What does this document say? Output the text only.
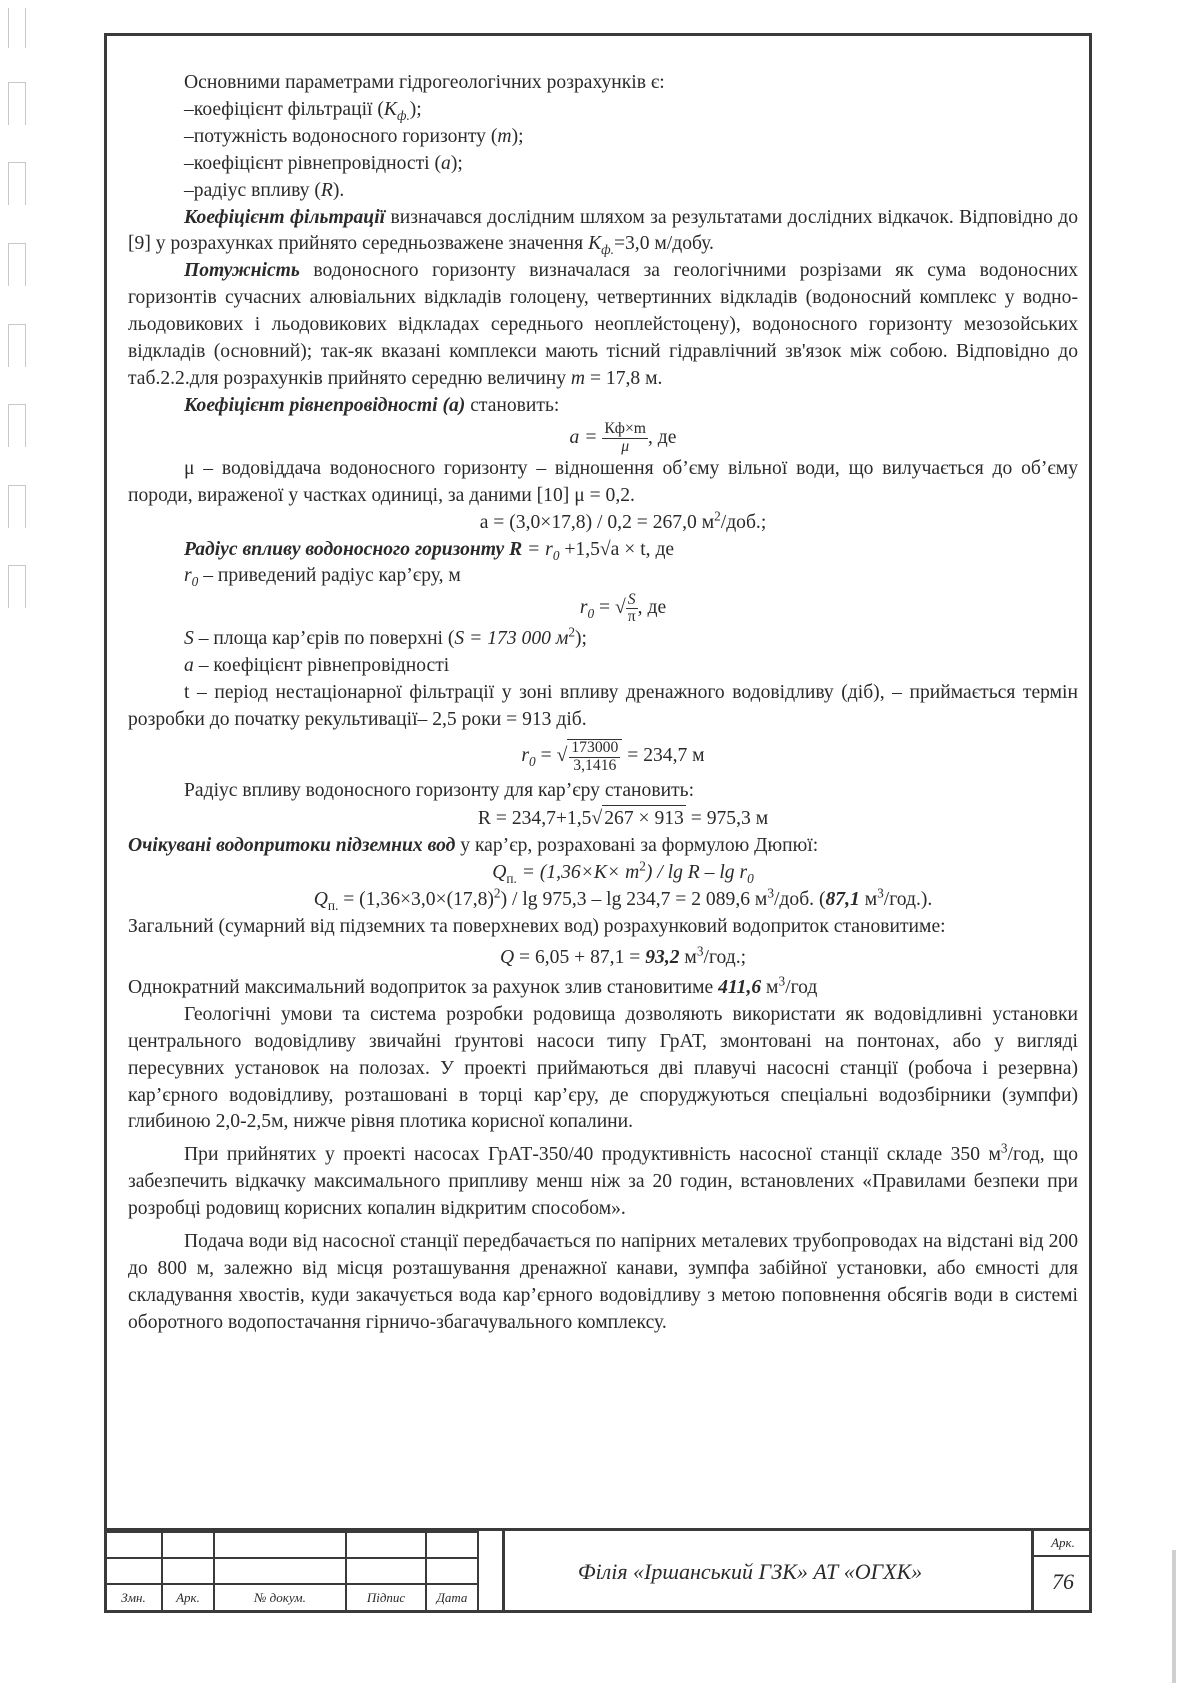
Основними параметрами гідрогеологічних розрахунків є:

–коефіцієнт фільтрації $(K_{ф.})$;

–потужність водоносного горизонту (m);

–коефіцієнт рівнепровідності (a);

–радіус впливу (R).

Коефіцієнт фільтрації визначався дослідним шляхом за результатами дослідних відкачок. Відповідно до [9] у розрахунках прийнято середньозважене значення $K_{ф.}=3,0$ м/добу.

Потужність водоносного горизонту визначалася за геологічними розрізами як сума водоносних горизонтів сучасних алювіальних відкладів голоцену, четвертинних відкладів (водоносний комплекс у водно-льодовикових і льодовикових відкладах середнього неоплейстоцену), водоносного горизонту мезозойських відкладів (основний); так-як вказані комплекси мають тісний гідравлічний зв'язок між собою. Відповідно до таб.2.2.для розрахунків прийнято середню величину m = 17,8 м.

Коефіцієнт рівнепровідності (а) становить:

$a = \frac{Кф\times m}{\mu}$ , де

μ – водовіддача водоносного горизонту – відношення об’єму вільної води, що вилучається до об’єму породи, вираженої у частках одиниці, за даними [10] μ = 0,2.

a = (3,0×17,8) / 0,2 = 267,0 $м^2$/доб.;

Радіус впливу водоносного горизонту $R = r_0 +1,5√a \times t$, де

$r_0$ – приведений радіус кар’єру, м

$r_0$ = √ $\frac{S}{\pi}$ , де

S – площа кар’єрів по поверхні (S = 173 000 $м^2$);

a – коефіцієнт рівнепровідності

t – період нестаціонарної фільтрації у зоні впливу дренажного водовідливу (діб), – приймається термін розробки до початку рекультивації– 2,5 роки = 913 діб.

$r_0$ = √ $\frac{173000}{3,1416} = 234,7$ м

Радіус впливу водоносного горизонту для кар’єру становить:

R = 234,7+1,5√ 267 × 913 = 975,3 м

Очікувані водопритоки підземних вод у кар’єр, розраховані за формулою Дюпюї:

$Q_{п.} = (1,36\times K\times m^2) / \lg R - \lg r_0$

$Q_{п.} = (1,36\times 3,0\times(17,8)^2) / \lg 975,3 - \lg 234,7 = 2$ 089,6 $м^3$/доб. (87,1 $м^3/год$.).

Загальний (сумарний від підземних та поверхневих вод) розрахунковий водоприток становитиме:

Q = 6,05 + 87,1 = 93,2 $м^3$/год.;

Однократний максимальний водоприток за рахунок злив становитиме 411,6 $м^3$/год

Геологічні умови та система розробки родовища дозволяють використати як водовідливні установки центрального водовідливу звичайні ґрунтові насоси типу ГрАТ, змонтовані на понтонах, або у вигляді пересувних установок на полозах. У проекті приймаються дві плавучі насосні станції (робоча і резервна) кар’єрного водовідливу, розташовані в торці кар’єру, де споруджуються спеціальні водозбірники (зумпфи) глибиною 2,0-2,5м, нижче рівня плотика корисної копалини.

При прийнятих у проекті насосах ГрАТ-350/40 продуктивність насосної станції складе 350 $м^3$/год, що забезпечить відкачку максимального припливу менш ніж за 20 годин, встановлених «Правилами безпеки при розробці родовищ корисних копалин відкритим способом».

Подача води від насосної станції передбачається по напірних металевих трубопроводах на відстані від 200 до 800 м, залежно від місця розташування дренажної канави, зумпфа забійної установки, або ємності для складування хвостів, куди закачується вода кар’єрного водовідливу з метою поповнення обсягів води в системі оборотного водопостачання гірничо-збагачувального комплексу.

Змн.	Арк.	№ докум.	Підпис	Дата
Філія «Іршанський ГЗК» АТ «ОГХК»
Арк.
76
